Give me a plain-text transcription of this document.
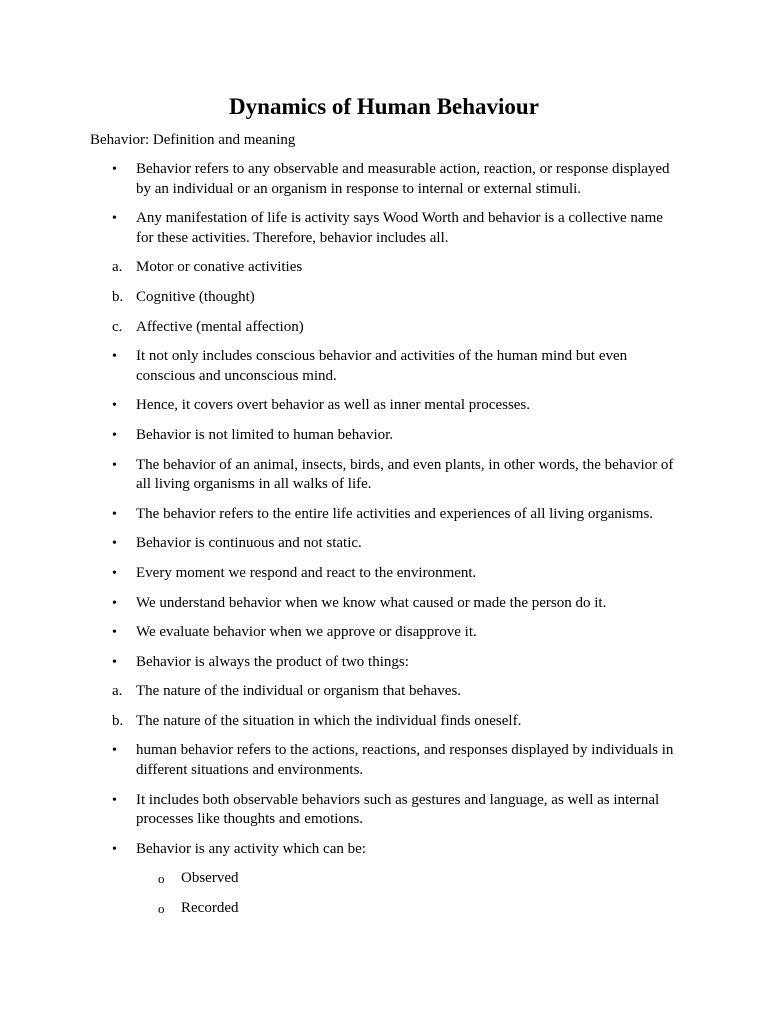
Dynamics of Human Behaviour

Behavior: Definition and meaning

•	Behavior refers to any observable and measurable action, reaction, or response displayed by an individual or an organism in response to internal or external stimuli.
•	Any manifestation of life is activity says Wood Worth and behavior is a collective name for these activities. Therefore, behavior includes all.
a. Motor or conative activities
b. Cognitive (thought)
c. Affective (mental affection)
•	It not only includes conscious behavior and activities of the human mind but even conscious and unconscious mind.
•	Hence, it covers overt behavior as well as inner mental processes.
•	Behavior is not limited to human behavior.
•	The behavior of an animal, insects, birds, and even plants, in other words, the behavior of all living organisms in all walks of life.
•	The behavior refers to the entire life activities and experiences of all living organisms.
•	Behavior is continuous and not static.
•	Every moment we respond and react to the environment.
•	We understand behavior when we know what caused or made the person do it.
•	We evaluate behavior when we approve or disapprove it.
•	Behavior is always the product of two things:
a. The nature of the individual or organism that behaves.
b. The nature of the situation in which the individual finds oneself.
•	human behavior refers to the actions, reactions, and responses displayed by individuals in different situations and environments.
•	It includes both observable behaviors such as gestures and language, as well as internal processes like thoughts and emotions.
•	Behavior is any activity which can be:
o	Observed
o	Recorded
